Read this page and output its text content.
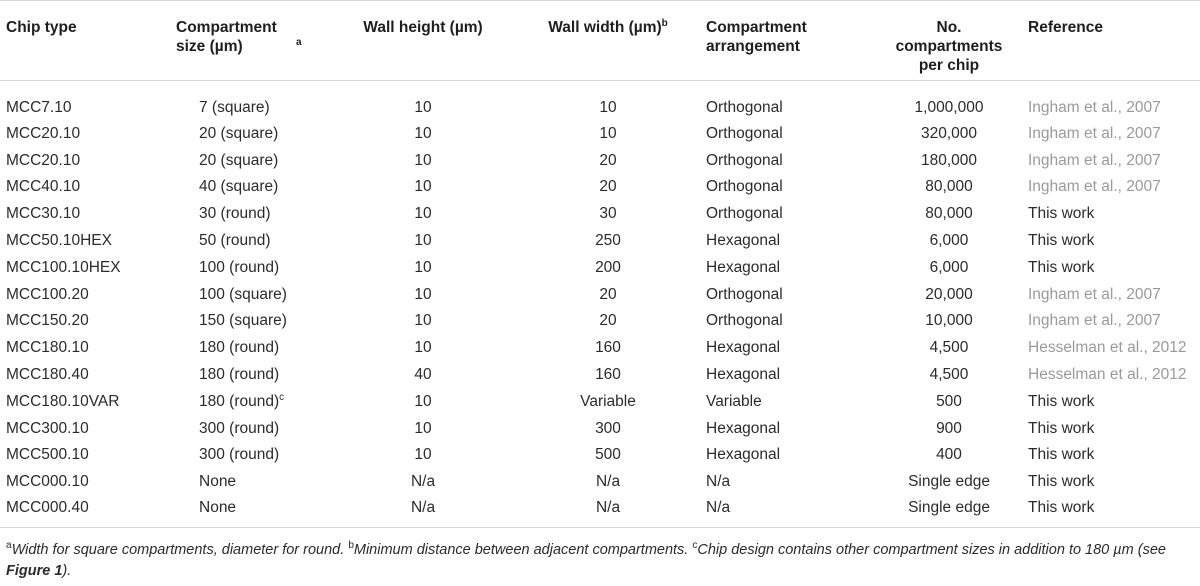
Chip type	Compartment size (µm) $^a$	Wall height (µm)	Wall width $(\mu m)^b$	Compartment arrangement	No. compartments per chip	Reference
MCC7.10	7 (square)	10	10	Orthogonal	1,000,000	Ingham et al., 2007
MCC20.10	20 (square)	10	10	Orthogonal	320,000	Ingham et al., 2007
MCC20.10	20 (square)	10	20	Orthogonal	180,000	Ingham et al., 2007
MCC40.10	40 (square)	10	20	Orthogonal	80,000	Ingham et al., 2007
MCC30.10	30 (round)	10	30	Orthogonal	80,000	This work
MCC50.10HEX	50 (round)	10	250	Hexagonal	6,000	This work
MCC100.10HEX	100 (round)	10	200	Hexagonal	6,000	This work
MCC100.20	100 (square)	10	20	Orthogonal	20,000	Ingham et al., 2007
MCC150.20	150 (square)	10	20	Orthogonal	10,000	Ingham et al., 2007
MCC180.10	180 (round)	10	160	Hexagonal	4,500	Hesselman et al., 2012
MCC180.40	180 (round)	40	160	Hexagonal	4,500	Hesselman et al., 2012
MCC180.10VAR	180 (round)$^c$	10	Variable	Variable	500	This work
MCC300.10	300 (round)	10	300	Hexagonal	900	This work
MCC500.10	300 (round)	10	500	Hexagonal	400	This work
MCC000.10	None	N/a	N/a	N/a	Single edge	This work
MCC000.40	None	N/a	N/a	N/a	Single edge	This work
$^a$Width for square compartments, diameter for round. $^b$Minimum distance between adjacent compartments. $^c$Chip design contains other compartment sizes in addition to 180 µm (see Figure 1).
